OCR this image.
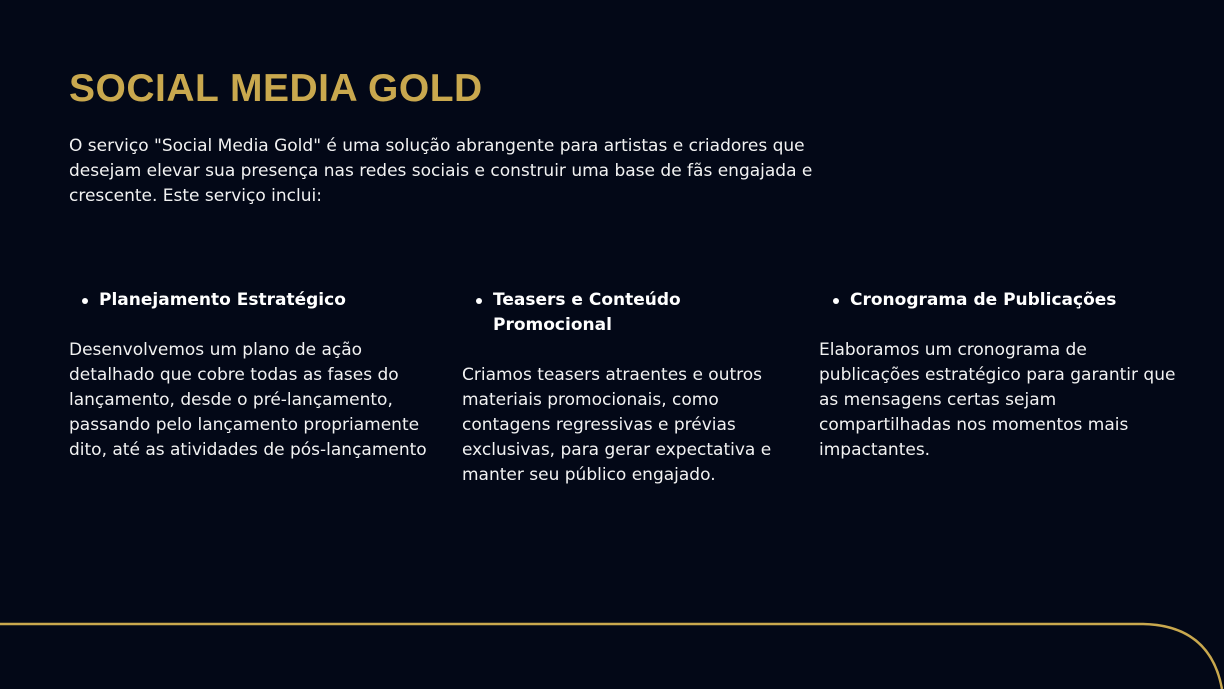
SOCIAL MEDIA GOLD

O serviço "Social Media Gold" é uma solução abrangente para artistas e criadores que desejam elevar sua presença nas redes sociais e construir uma base de fãs engajada e crescente. Este serviço inclui:

Planejamento Estratégico

Desenvolvemos um plano de ação detalhado que cobre todas as fases do lançamento, desde o pré-lançamento, passando pelo lançamento propriamente dito, até as atividades de pós-lançamento

Teasers e Conteúdo Promocional

Criamos teasers atraentes e outros materiais promocionais, como contagens regressivas e prévias exclusivas, para gerar expectativa e manter seu público engajado.

Cronograma de Publicações

Elaboramos um cronograma de publicações estratégico para garantir que as mensagens certas sejam compartilhadas nos momentos mais impactantes.
